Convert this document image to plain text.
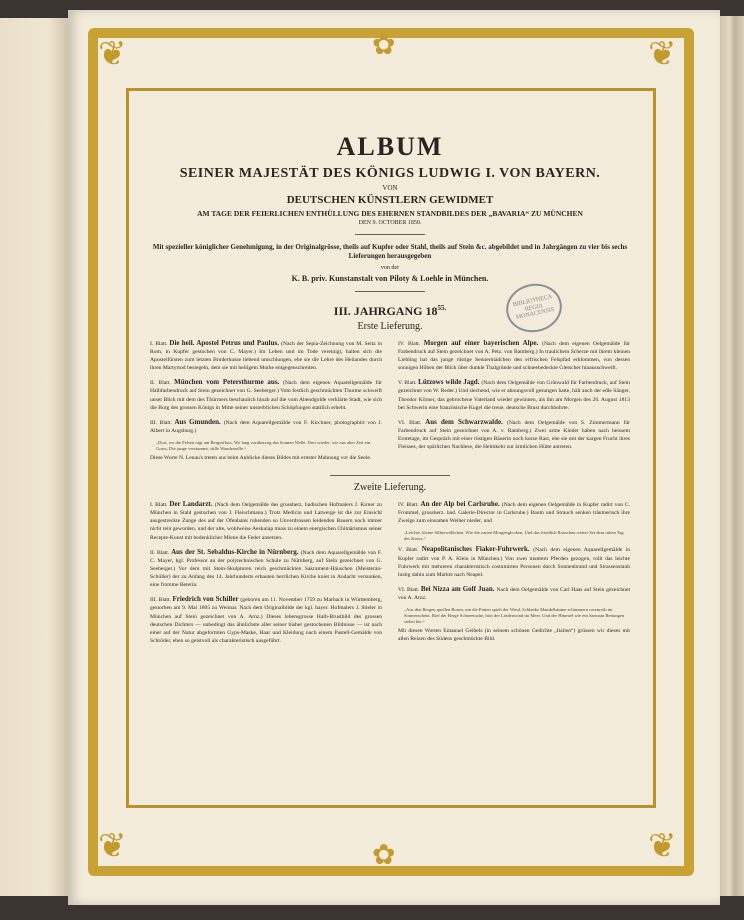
❦	❦
❦	❦
✿
✿
BIBLIOTHECA REGIA MONACENSIS
ALBUM
SEINER MAJESTÄT DES KÖNIGS LUDWIG I. VON BAYERN.
VON
DEUTSCHEN KÜNSTLERN GEWIDMET
AM TAGE DER FEIERLICHEN ENTHÜLLUNG DES EHERNEN STANDBILDES DER „BAVARIA“ ZU MÜNCHEN
DEN 9. OCTOBER 1850.
Mit spezieller königlicher Genehmigung, in der Originalgrösse, theils auf Kupfer oder Stahl, theils auf Stein &c. abgebildet und in Jahrgängen zu vier bis sechs Lieferungen herausgegeben
von der
K. B. priv. Kunstanstalt von Piloty & Loehle in München.
III. JAHRGANG $18^{55.}$
Erste Lieferung.
I. Blatt. Die heil. Apostel Petrus und Paulus. (Nach der Sepia-Zeichnung von M. Seitz in Rom, in Kupfer gestochen von C. Mayer.) Im Leben und im Tode vereinigt, halten sich die Apostelfürsten zum letzten Bruderkusse liebend umschlungen, ehe sie die Lehre des Heilandes durch ihren Martyrtod besiegeln, dem sie mit heiligem Muthe entgegenschreiten.
II. Blatt. München vom Petersthurme aus. (Nach dem eigenen Aquarellgemälde für Halbfarbendruck auf Stein gezeichnet von G. Seeberger.) Vom festlich geschmückten Thurme schweift unser Blick mit dem des Thürmers beschaulich hinab auf die vom Abendgolde verklärte Stadt, wie sich die Burg des grossen Königs in Mitte seiner unsterblichen Schöpfungen stattlich erhebt.
III. Blatt. Aus Gmunden. (Nach dem Aquarellgemälde von F. Kirchner, photographirt von J. Albert in Augsburg.)
„Dort, wo die Felsen ragt am Bergesfluss, Wo lang vorüberzog das Sonnen Welle, Dort wieder, wie aus alter Zeit ein Gruss, Die junge verstummt, stille Wanderzelle.“
Diese Worte N. Lenau's treten aus beim Anblicke dieses Bildes mit ernster Mahnung vor die Seele.
IV. Blatt. Morgen auf einer bayerischen Alpe. (Nach dem eigenen Oelgemälde für Farbendruck auf Stein gezeichnet von A. Petz. von Bamberg.) In traulichem Scherze mit ihrem kleinen Liebling hat das junge rüstige Sennermädchen den erfrischen Felspfad erklommen, von dessen sonnigen Höhen der Blick über dunkle Thalgründe und schneebedeckte Gletscher hinausschweift.
V. Blatt. Lützows wilde Jagd. (Nach dem Oelgemälde von Grünwald für Farbendruck, auf Stein gezeichnet von W. Reder.) Und siechend, wie er ahnungsvoll gesungen hatte, hält auch der edle Sänger, Theodor Körner, das gebrochene Vaterland wieder gewinnen, als ihn am Morgen des 26. August 1813 bei Schwerin eine französische Kugel die treue, deutsche Brust durchbohrte.
VI. Blatt. Aus dem Schwarzwalde. (Nach dem Oelgemälde von S. Zimmermann für Farbendruck auf Stein gezeichnet von A. v. Ramberg.) Zwei arme Kinder haben nach heissem Erntetage, im Gespräch mit einer rüstigen Bäuerin noch kurze Rast, ehe sie mit der kargen Frucht ihres Fleisses, der spärlichen Nachlese, die Heimkehr zur ärmlichen Hütte antreten.
Zweite Lieferung.
I. Blatt. Der Landarzt. (Nach dem Oelgemälde des grossherz. badischen Hofmalers J. Kirner zu München in Stahl gestochen von J. Fleischmann.) Trotz Medicin und Latwerge ist die zur Einsicht ausgestreckte Zunge des auf der Ofenbank ruhenden so Unverdrossen leidenden Bauern noch immer nicht rein geworden, und der alte, wohlweise Aeskulap muss zu einem energischen Chimärismus seiner Recepte-Kunst mit bedenklicher Miene die Feder ansetzen.
II. Blatt. Aus der St. Sebaldus-Kirche in Nürnberg. (Nach dem Aquarellgemälde von F. C. Mayer, kgl. Professor an der polytechnischen Schule zu Nürnberg, auf Stein gezeichnet von G. Seeberger.) Vor dem mit Stein-Skulpturen reich geschmückten Sakrament-Häuschen (Meisterau-Schüller) der zu Anfang des 14. Jahrhunderts erbauten herrlichen Kirche kniet in Andacht versunken, eine fromme Beterin.
III. Blatt. Friedrich von Schiller (geboren am 11. November 1759 zu Marbach in Württemberg, gestorben am 9. Mai 1805 zu Weimar. Nach dem Originalbilde der kgl. bayer. Hofmalers J. Stieler in München auf Stein gezeichnet von A. Arnz.) Dieses lebensgrosse Halb-Brustbild des grossen deutschen Dichters — unbedingt das ähnlichste aller seiner bisher gestochenen Bildnisse — ist nach einer auf der Natur abgeformten Gyps-Maske, Haar und Kleidung nach einem Pastell-Gemälde von Schröder, eben so geistvoll als charakteristisch ausgeführt.
IV. Blatt. An der Alp bei Carlsruhe. (Nach dem eigenen Oelgemälde in Kupfer radirt von C. Frommel, grossherz. bad. Galerie-Director in Carlsruhe.) Baum und Strauch senken träumerisch ihre Zweige zum einsamen Weiher nieder, und
„Leichte, kleine Silberwölkchen, Wie die zarten Morgenglocken, Und das friedlich Rauschen weiter Sei dem ruhen Tag des Kreuz.“
V. Blatt. Neapolitanisches Fiaker-Fuhrwerk. (Nach dem eigenen Aquarellgemälde in Kupfer radirt von P. A. Klein in München.) Von zwei muntern Pferden gezogen, rollt das leichte Fuhrwerk mit mehreren charakteristisch costumirten Personen durch Sonnenbrand und Strassenstaub lustig dahin zum Markte nach Neapel.
VI. Blatt. Bei Nizza am Golf Juan. Nach dem Oelgemälde von Carl Haas auf Stein gezeichnet von A. Arnz.
„Aus den Bergen quellen Rosen, um die Pinien spielt der Wind, Schlanke Mandelbäume schimmern rosenroth im Sonnenschein. Rief der Berge Schneetuche, hört der Lindenwind im Meer, Und der Himmel wie ein Sarmatn Bettungen stehet her.“
Mit diesen Worten Emanuel Geibels (in seinem schönen Gedichte „Italien“) grüssen wir dieses mit allen Reizen des Südens geschmückte Bild.
